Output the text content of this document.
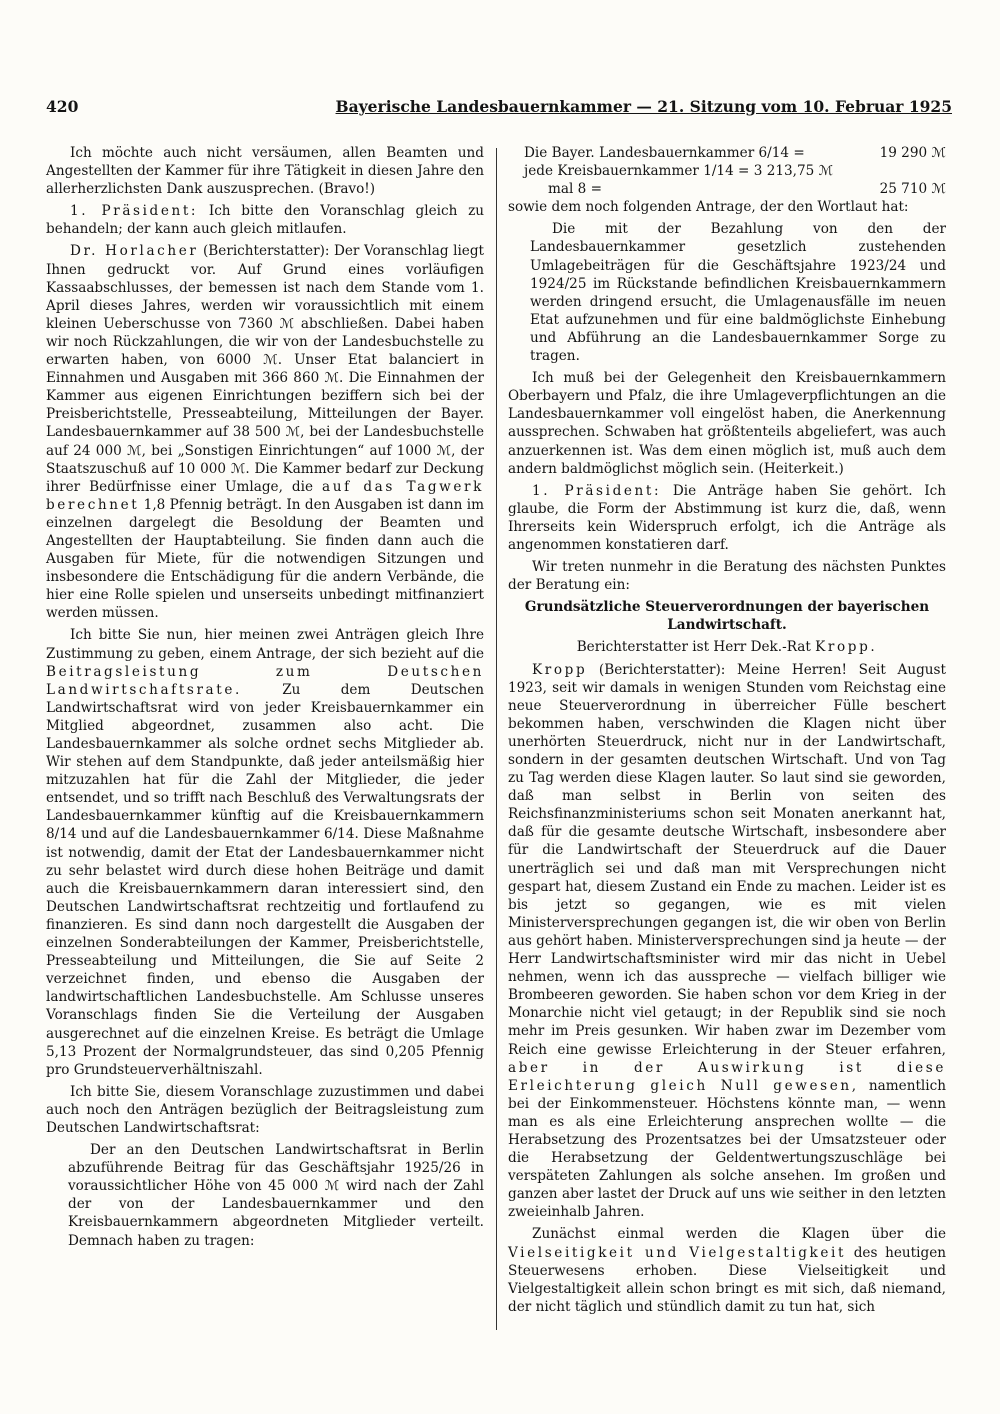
420	Bayerische Landesbauernkammer — 21. Sitzung vom 10. Februar 1925

Ich möchte auch nicht versäumen, allen Beamten und Angestellten der Kammer für ihre Tätigkeit in diesen Jahre den allerherzlichsten Dank auszusprechen. (Bravo!)

1. Präsident: Ich bitte den Voranschlag gleich zu behandeln; der kann auch gleich mitlaufen.

Dr. Horlacher (Berichterstatter): Der Voranschlag liegt Ihnen gedruckt vor. Auf Grund eines vorläufigen Kassaabschlusses, der bemessen ist nach dem Stande vom 1. April dieses Jahres, werden wir voraussichtlich mit einem kleinen Ueberschusse von 7360 ℳ abschließen. Dabei haben wir noch Rückzahlungen, die wir von der Landesbuchstelle zu erwarten haben, von 6000 ℳ. Unser Etat balanciert in Einnahmen und Ausgaben mit 366 860 ℳ. Die Einnahmen der Kammer aus eigenen Einrichtungen beziffern sich bei der Preisberichtstelle, Presseabteilung, Mitteilungen der Bayer. Landesbauernkammer auf 38 500 ℳ, bei der Landesbuchstelle auf 24 000 ℳ, bei „Sonstigen Einrichtungen“ auf 1000 ℳ, der Staatszuschuß auf 10 000 ℳ. Die Kammer bedarf zur Deckung ihrer Bedürfnisse einer Umlage, die auf das Tagwerk berechnet 1,8 Pfennig beträgt. In den Ausgaben ist dann im einzelnen dargelegt die Besoldung der Beamten und Angestellten der Hauptabteilung. Sie finden dann auch die Ausgaben für Miete, für die notwendigen Sitzungen und insbesondere die Entschädigung für die andern Verbände, die hier eine Rolle spielen und unserseits unbedingt mitfinanziert werden müssen.

Ich bitte Sie nun, hier meinen zwei Anträgen gleich Ihre Zustimmung zu geben, einem Antrage, der sich bezieht auf die Beitragsleistung zum Deutschen Landwirtschaftsrate. Zu dem Deutschen Landwirtschaftsrat wird von jeder Kreisbauernkammer ein Mitglied abgeordnet, zusammen also acht. Die Landesbauernkammer als solche ordnet sechs Mitglieder ab. Wir stehen auf dem Standpunkte, daß jeder anteilsmäßig hier mitzuzahlen hat für die Zahl der Mitglieder, die jeder entsendet, und so trifft nach Beschluß des Verwaltungsrats der Landesbauernkammer künftig auf die Kreisbauernkammern 8/14 und auf die Landesbauernkammer 6/14. Diese Maßnahme ist notwendig, damit der Etat der Landesbauernkammer nicht zu sehr belastet wird durch diese hohen Beiträge und damit auch die Kreisbauernkammern daran interessiert sind, den Deutschen Landwirtschaftsrat rechtzeitig und fortlaufend zu finanzieren. Es sind dann noch dargestellt die Ausgaben der einzelnen Sonderabteilungen der Kammer, Preisberichtstelle, Presseabteilung und Mitteilungen, die Sie auf Seite 2 verzeichnet finden, und ebenso die Ausgaben der landwirtschaftlichen Landesbuchstelle. Am Schlusse unseres Voranschlags finden Sie die Verteilung der Ausgaben ausgerechnet auf die einzelnen Kreise. Es beträgt die Umlage 5,13 Prozent der Normalgrundsteuer, das sind 0,205 Pfennig pro Grundsteuerverhältniszahl.

Ich bitte Sie, diesem Voranschlage zuzustimmen und dabei auch noch den Anträgen bezüglich der Beitragsleistung zum Deutschen Landwirtschaftsrat:

Der an den Deutschen Landwirtschaftsrat in Berlin abzuführende Beitrag für das Geschäftsjahr 1925/26 in voraussichtlicher Höhe von 45 000 ℳ wird nach der Zahl der von der Landesbauernkammer und den Kreisbauernkammern abgeordneten Mitglieder verteilt. Demnach haben zu tragen:

Die Bayer. Landesbauernkammer 6/14 =	19 290 ℳ
jede Kreisbauernkammer 1/14 = 3 213,75 ℳ
mal 8 =	25 710 ℳ

sowie dem noch folgenden Antrage, der den Wortlaut hat:

Die mit der Bezahlung von den der Landesbauernkammer gesetzlich zustehenden Umlagebeiträgen für die Geschäftsjahre 1923/24 und 1924/25 im Rückstande befindlichen Kreisbauernkammern werden dringend ersucht, die Umlagenausfälle im neuen Etat aufzunehmen und für eine baldmöglichste Einhebung und Abführung an die Landesbauernkammer Sorge zu tragen.

Ich muß bei der Gelegenheit den Kreisbauernkammern Oberbayern und Pfalz, die ihre Umlageverpflichtungen an die Landesbauernkammer voll eingelöst haben, die Anerkennung aussprechen. Schwaben hat größtenteils abgeliefert, was auch anzuerkennen ist. Was dem einen möglich ist, muß auch dem andern baldmöglichst möglich sein. (Heiterkeit.)

1. Präsident: Die Anträge haben Sie gehört. Ich glaube, die Form der Abstimmung ist kurz die, daß, wenn Ihrerseits kein Widerspruch erfolgt, ich die Anträge als angenommen konstatieren darf.

Wir treten nunmehr in die Beratung des nächsten Punktes der Beratung ein:

Grundsätzliche Steuerverordnungen der bayerischen Landwirtschaft.

Berichterstatter ist Herr Dek.-Rat Kropp.

Kropp (Berichterstatter): Meine Herren! Seit August 1923, seit wir damals in wenigen Stunden vom Reichstag eine neue Steuerverordnung in überreicher Fülle beschert bekommen haben, verschwinden die Klagen nicht über unerhörten Steuerdruck, nicht nur in der Landwirtschaft, sondern in der gesamten deutschen Wirtschaft. Und von Tag zu Tag werden diese Klagen lauter. So laut sind sie geworden, daß man selbst in Berlin von seiten des Reichsfinanzministeriums schon seit Monaten anerkannt hat, daß für die gesamte deutsche Wirtschaft, insbesondere aber für die Landwirtschaft der Steuerdruck auf die Dauer unerträglich sei und daß man mit Versprechungen nicht gespart hat, diesem Zustand ein Ende zu machen. Leider ist es bis jetzt so gegangen, wie es mit vielen Ministerversprechungen gegangen ist, die wir oben von Berlin aus gehört haben. Ministerversprechungen sind ja heute — der Herr Landwirtschaftsminister wird mir das nicht in Uebel nehmen, wenn ich das ausspreche — vielfach billiger wie Brombeeren geworden. Sie haben schon vor dem Krieg in der Monarchie nicht viel getaugt; in der Republik sind sie noch mehr im Preis gesunken. Wir haben zwar im Dezember vom Reich eine gewisse Erleichterung in der Steuer erfahren, aber in der Auswirkung ist diese Erleichterung gleich Null gewesen, namentlich bei der Einkommensteuer. Höchstens könnte man, — wenn man es als eine Erleichterung ansprechen wollte — die Herabsetzung des Prozentsatzes bei der Umsatzsteuer oder die Herabsetzung der Geldentwertungszuschläge bei verspäteten Zahlungen als solche ansehen. Im großen und ganzen aber lastet der Druck auf uns wie seither in den letzten zweieinhalb Jahren.

Zunächst einmal werden die Klagen über die Vielseitigkeit und Vielgestaltigkeit des heutigen Steuerwesens erhoben. Diese Vielseitigkeit und Vielgestaltigkeit allein schon bringt es mit sich, daß niemand, der nicht täglich und stündlich damit zu tun hat, sich
